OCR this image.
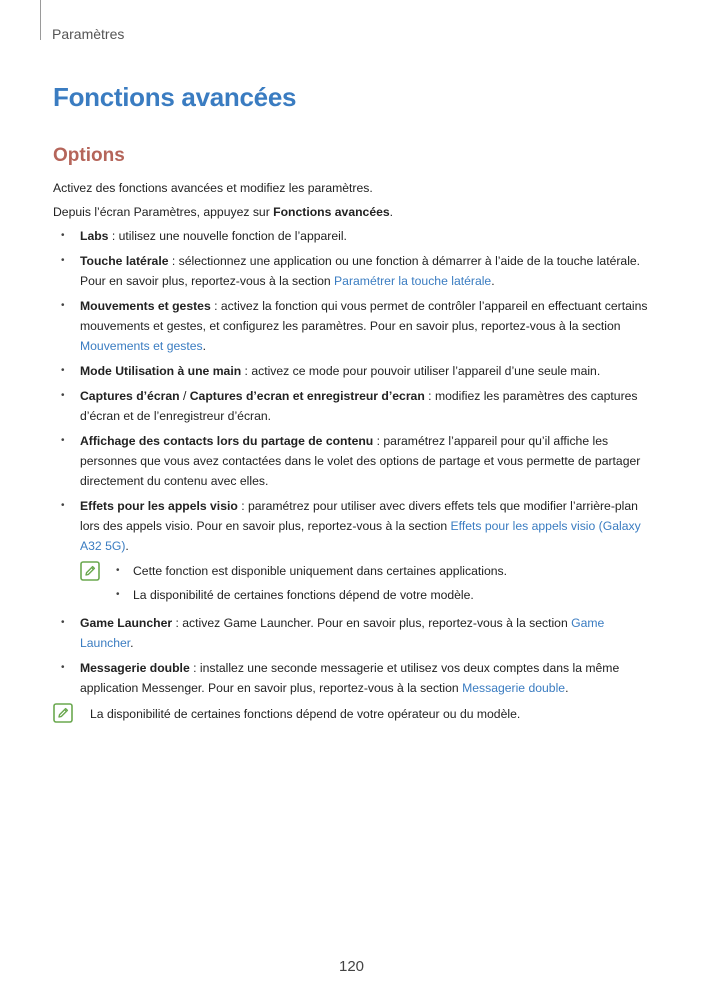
Paramètres
Fonctions avancées
Options

Activez des fonctions avancées et modifiez les paramètres.

Depuis l’écran Paramètres, appuyez sur Fonctions avancées.

• Labs : utilisez une nouvelle fonction de l’appareil.
• Touche latérale : sélectionnez une application ou une fonction à démarrer à l’aide de la touche latérale. Pour en savoir plus, reportez-vous à la section Paramétrer la touche latérale.
• Mouvements et gestes : activez la fonction qui vous permet de contrôler l’appareil en effectuant certains mouvements et gestes, et configurez les paramètres. Pour en savoir plus, reportez-vous à la section Mouvements et gestes.
• Mode Utilisation à une main : activez ce mode pour pouvoir utiliser l’appareil d’une seule main.
• Captures d’écran / Captures d’ecran et enregistreur d’ecran : modifiez les paramètres des captures d’écran et de l’enregistreur d’écran.
• Affichage des contacts lors du partage de contenu : paramétrez l’appareil pour qu’il affiche les personnes que vous avez contactées dans le volet des options de partage et vous permette de partager directement du contenu avec elles.
• Effets pour les appels visio : paramétrez pour utiliser avec divers effets tels que modifier l’arrière-plan lors des appels visio. Pour en savoir plus, reportez-vous à la section Effets pour les appels visio (Galaxy A32 5G).
• Cette fonction est disponible uniquement dans certaines applications.
• La disponibilité de certaines fonctions dépend de votre modèle.
• Game Launcher : activez Game Launcher. Pour en savoir plus, reportez-vous à la section Game Launcher.
• Messagerie double : installez une seconde messagerie et utilisez vos deux comptes dans la même application Messenger. Pour en savoir plus, reportez-vous à la section Messagerie double.
La disponibilité de certaines fonctions dépend de votre opérateur ou du modèle.
120
